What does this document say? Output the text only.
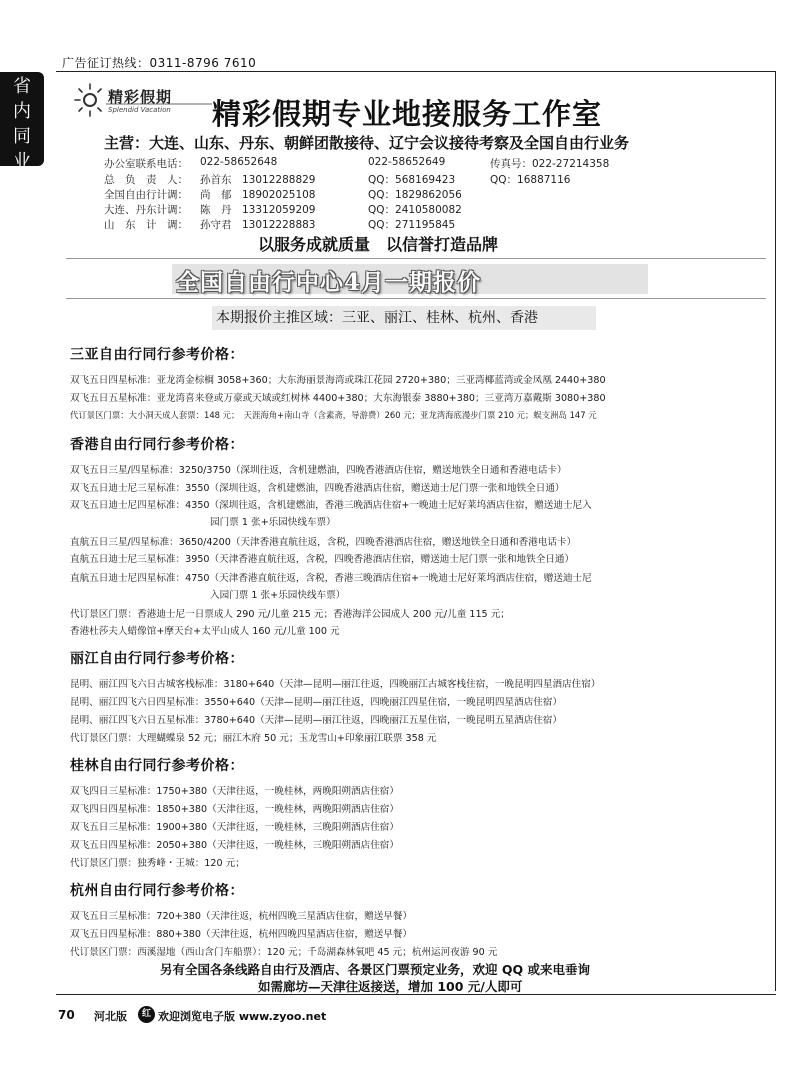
广告征订热线：0311-8796 7610
省
内
同
业
精彩假期
Splendid Vacation 精彩假期专业地接服务工作室
主营：大连、山东、丹东、朝鲜团散接待、辽宁会议接待考察及全国自由行业务
办公室联系电话： 022-58652648	022-58652649	传真号：022-27214358
总　负　责　人： 孙首东　13012288829	QQ：568169423	QQ：16887116
全国自由行计调： 尚　郁　18902025108	QQ：1829862056
大连、丹东计调： 陈　丹　13312059209	QQ：2410580082
山　东　计　调： 孙守君　13012228883	QQ：271195845
以服务成就质量　以信誉打造品牌
全国自由行中心4月一期报价
本期报价主推区域：三亚、丽江、桂林、杭州、香港
三亚自由行同行参考价格：
双飞五日四星标准：亚龙湾金棕榈 3058+360；大东海丽景海湾或珠江花园 2720+380；三亚湾椰蓝湾或金凤凰 2440+380
双飞五日五星标准：亚龙湾喜来登或万豪或天域或红树林 4400+380；大东海银泰 3880+380；三亚湾万嘉戴斯 3080+380
代订景区门票：大小洞天成人套票：148 元；　天涯海角+南山寺（含素斋，导游费）260 元；亚龙湾海底漫步门票 210 元；蜈支洲岛 147 元
香港自由行同行参考价格：
双飞五日三星/四星标准：3250/3750（深圳往返，含机建燃油，四晚香港酒店住宿，赠送地铁全日通和香港电话卡）
双飞五日迪士尼三星标准：3550（深圳往返，含机建燃油，四晚香港酒店住宿，赠送迪士尼门票一张和地铁全日通）
双飞五日迪士尼四星标准：4350（深圳往返，含机建燃油，香港三晚酒店住宿+一晚迪士尼好莱坞酒店住宿，赠送迪士尼入
园门票 1 张+乐园快线车票）
直航五日三星/四星标准：3650/4200（天津香港直航往返，含税，四晚香港酒店住宿，赠送地铁全日通和香港电话卡）
直航五日迪士尼三星标准：3950（天津香港直航往返，含税，四晚香港酒店住宿，赠送迪士尼门票一张和地铁全日通）
直航五日迪士尼四星标准：4750（天津香港直航往返，含税，香港三晚酒店住宿+一晚迪士尼好莱坞酒店住宿，赠送迪士尼
入园门票 1 张+乐园快线车票）
代订景区门票：香港迪士尼一日票成人 290 元/儿童 215 元；香港海洋公园成人 200 元/儿童 115 元；
香港杜莎夫人蜡像馆+摩天台+太平山成人 160 元/儿童 100 元
丽江自由行同行参考价格：
昆明、丽江四飞六日古城客栈标准：3180+640（天津—昆明—丽江往返，四晚丽江古城客栈住宿，一晚昆明四星酒店住宿）
昆明、丽江四飞六日四星标准：3550+640（天津—昆明—丽江往返，四晚丽江四星住宿，一晚昆明四星酒店住宿）
昆明、丽江四飞六日五星标准：3780+640（天津—昆明—丽江往返，四晚丽江五星住宿，一晚昆明五星酒店住宿）
代订景区门票：大理蝴蝶泉 52 元；丽江木府 50 元；玉龙雪山+印象丽江联票 358 元
桂林自由行同行参考价格：
双飞四日三星标准：1750+380（天津往返，一晚桂林，两晚阳朔酒店住宿）
双飞四日四星标准：1850+380（天津往返，一晚桂林，两晚阳朔酒店住宿）
双飞五日三星标准：1900+380（天津往返，一晚桂林，三晚阳朔酒店住宿）
双飞五日四星标准：2050+380（天津往返，一晚桂林，三晚阳朔酒店住宿）
代订景区门票：独秀峰・王城：120 元；
杭州自由行同行参考价格：
双飞五日三星标准：720+380（天津往返，杭州四晚三星酒店住宿，赠送早餐）
双飞五日四星标准：880+380（天津往返，杭州四晚四星酒店住宿，赠送早餐）
代订景区门票：西溪湿地（西山含门车船票）：120 元；千岛湖森林氧吧 45 元；杭州运河夜游 90 元
另有全国各条线路自由行及酒店、各景区门票预定业务，欢迎 QQ 或来电垂询
如需廊坊—天津往返接送，增加 100 元/人即可
70 河北版	红 欢迎浏览电子版 www.zyoo.net
